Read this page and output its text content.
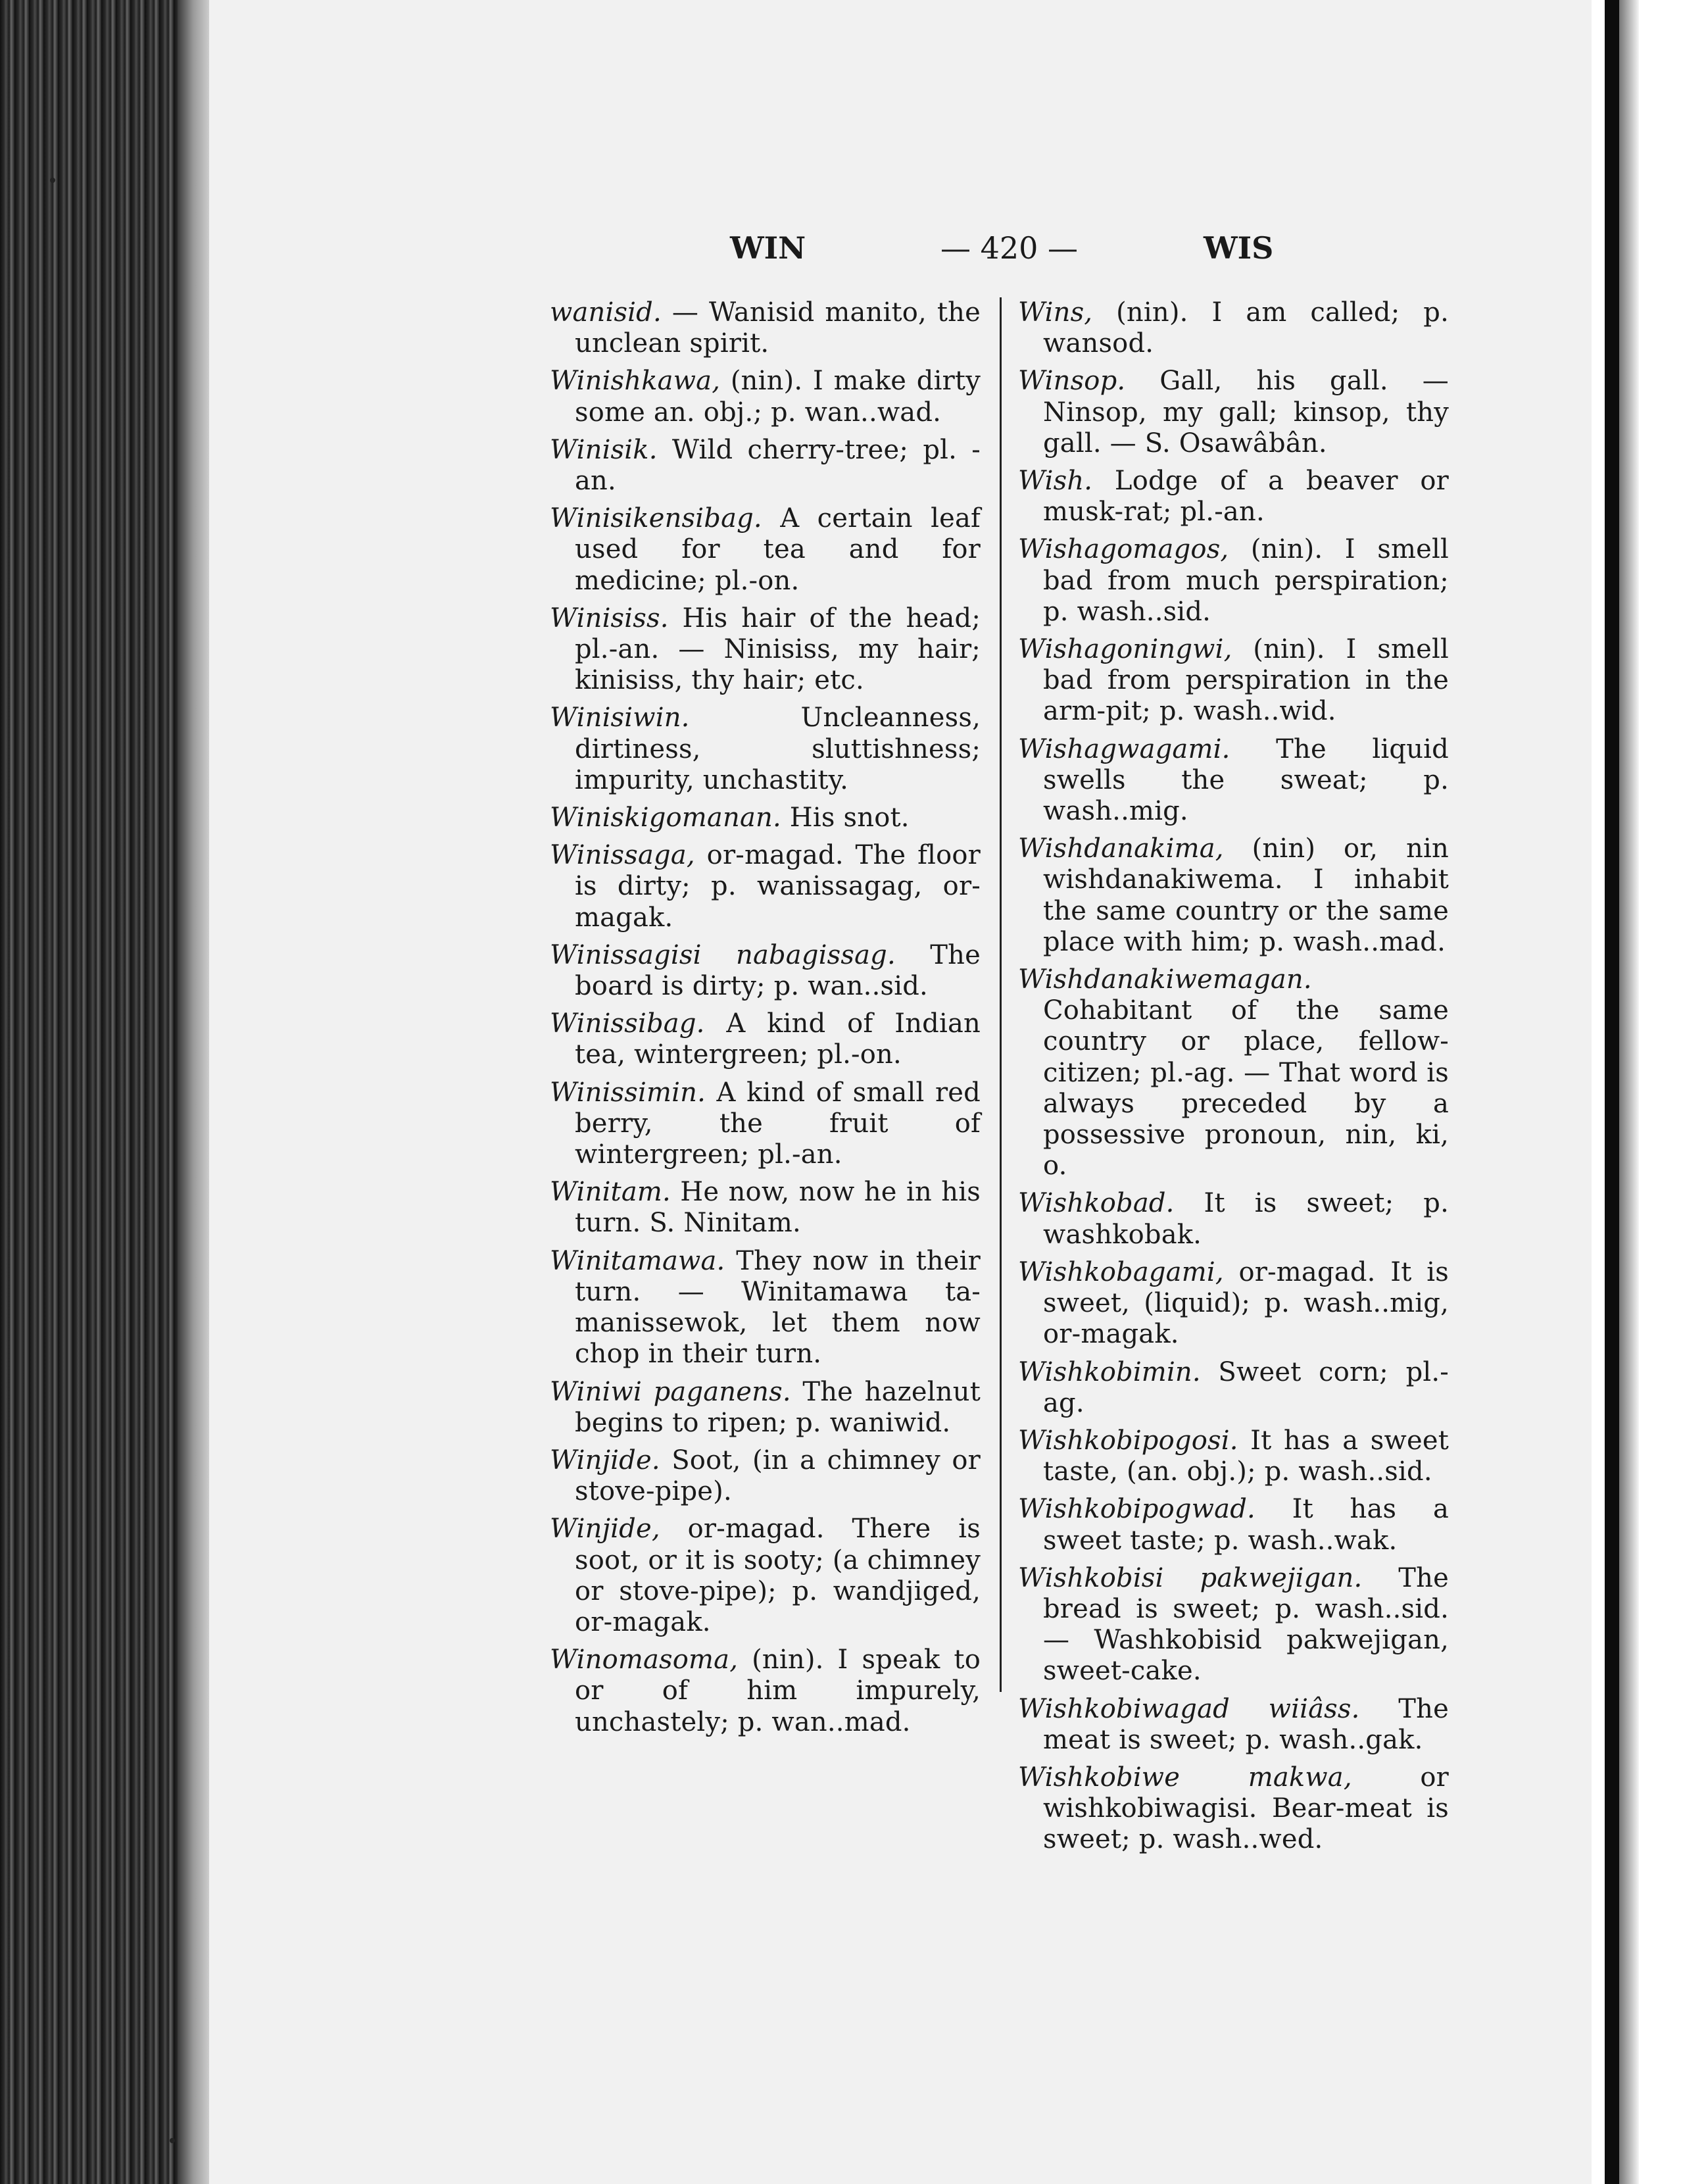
WIN	— 420 —	WIS

wanisid. — Wanisid manito, the unclean spirit.

Winishkawa, (nin). I make dirty some an. obj.; p. wan..wad.

Winisik. Wild cherry-tree; pl. -an.

Winisikensibag. A certain leaf used for tea and for medicine; pl.-on.

Winisiss. His hair of the head; pl.-an. — Ninisiss, my hair; kinisiss, thy hair; etc.

Winisiwin. Uncleanness, dirtiness, sluttishness; impurity, unchastity.

Winiskigomanan. His snot.

Winissaga, or-magad. The floor is dirty; p. wanissagag, or-magak.

Winissagisi nabagissag. The board is dirty; p. wan..sid.

Winissibag. A kind of Indian tea, wintergreen; pl.-on.

Winissimin. A kind of small red berry, the fruit of wintergreen; pl.-an.

Winitam. He now, now he in his turn. S. Ninitam.

Winitamawa. They now in their turn. — Winitamawa ta-manissewok, let them now chop in their turn.

Winiwi paganens. The hazelnut begins to ripen; p. waniwid.

Winjide. Soot, (in a chimney or stove-pipe).

Winjide, or-magad. There is soot, or it is sooty; (a chimney or stove-pipe); p. wandjiged, or-magak.

Winomasoma, (nin). I speak to or of him impurely, unchastely; p. wan..mad.

Wins, (nin). I am called; p. wansod.

Winsop. Gall, his gall. — Ninsop, my gall; kinsop, thy gall. — S. Osawâbân.

Wish. Lodge of a beaver or musk-rat; pl.-an.

Wishagomagos, (nin). I smell bad from much perspiration; p. wash..sid.

Wishagoningwi, (nin). I smell bad from perspiration in the arm-pit; p. wash..wid.

Wishagwagami. The liquid swells the sweat; p. wash..mig.

Wishdanakima, (nin) or, nin wishdanakiwema. I inhabit the same country or the same place with him; p. wash..mad.

Wishdanakiwemagan. Cohabitant of the same country or place, fellow-citizen; pl.-ag. — That word is always preceded by a possessive pronoun, nin, ki, o.

Wishkobad. It is sweet; p. washkobak.

Wishkobagami, or-magad. It is sweet, (liquid); p. wash..mig, or-magak.

Wishkobimin. Sweet corn; pl.-ag.

Wishkobipogosi. It has a sweet taste, (an. obj.); p. wash..sid.

Wishkobipogwad. It has a sweet taste; p. wash..wak.

Wishkobisi pakwejigan. The bread is sweet; p. wash..sid. — Washkobisid pakwejigan, sweet-cake.

Wishkobiwagad wiiâss. The meat is sweet; p. wash..gak.

Wishkobiwe makwa, or wishkobiwagisi. Bear-meat is sweet; p. wash..wed.
